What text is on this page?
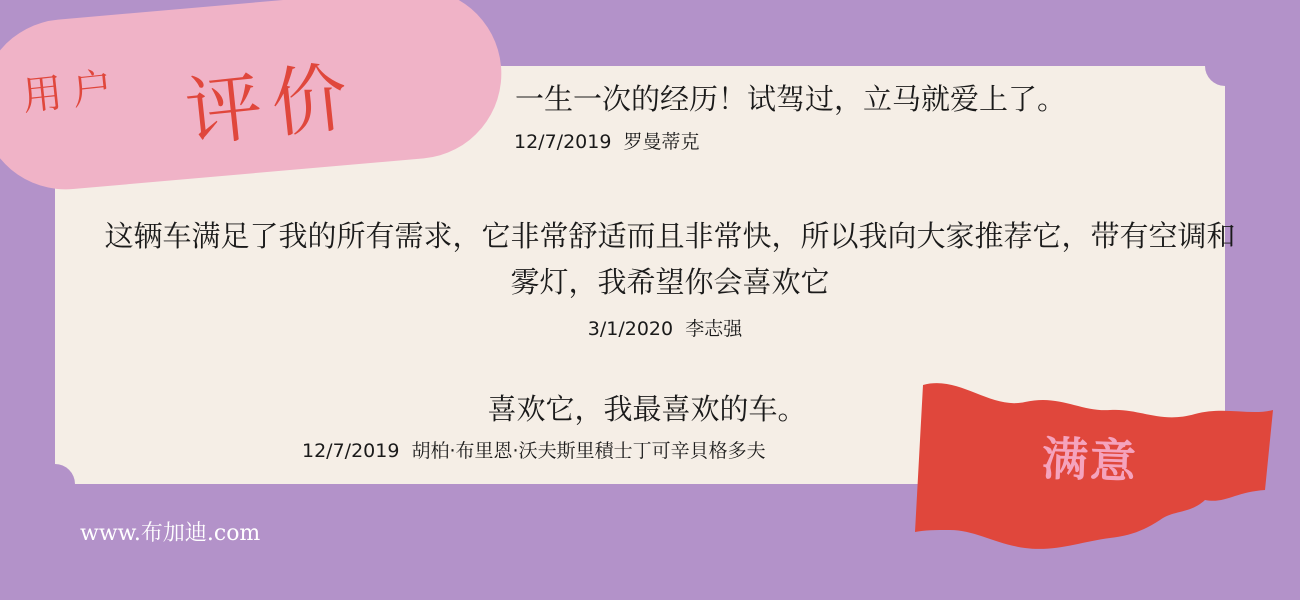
用户 评价	一生一次的经历！试驾过，立马就爱上了。
12/7/2019 罗曼蒂克
这辆车满足了我的所有需求，它非常舒适而且非常快，所以我向大家推荐它，带有空调和雾灯，我希望你会喜欢它
3/1/2020 李志强
喜欢它，我最喜欢的车。
12/7/2019 胡柏·布里恩·沃夫斯里積士丁可辛貝格多夫	满意
www.布加迪.com
